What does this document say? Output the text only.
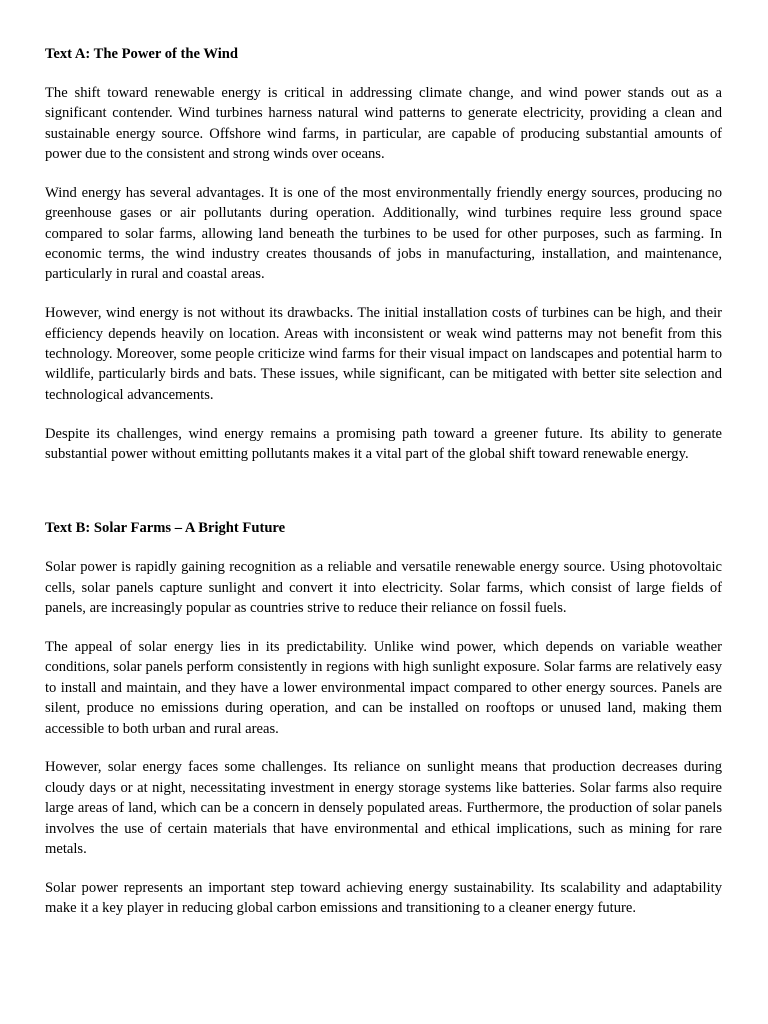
Text A: The Power of the Wind

The shift toward renewable energy is critical in addressing climate change, and wind power stands out as a significant contender. Wind turbines harness natural wind patterns to generate electricity, providing a clean and sustainable energy source. Offshore wind farms, in particular, are capable of producing substantial amounts of power due to the consistent and strong winds over oceans.

Wind energy has several advantages. It is one of the most environmentally friendly energy sources, producing no greenhouse gases or air pollutants during operation. Additionally, wind turbines require less ground space compared to solar farms, allowing land beneath the turbines to be used for other purposes, such as farming. In economic terms, the wind industry creates thousands of jobs in manufacturing, installation, and maintenance, particularly in rural and coastal areas.

However, wind energy is not without its drawbacks. The initial installation costs of turbines can be high, and their efficiency depends heavily on location. Areas with inconsistent or weak wind patterns may not benefit from this technology. Moreover, some people criticize wind farms for their visual impact on landscapes and potential harm to wildlife, particularly birds and bats. These issues, while significant, can be mitigated with better site selection and technological advancements.

Despite its challenges, wind energy remains a promising path toward a greener future. Its ability to generate substantial power without emitting pollutants makes it a vital part of the global shift toward renewable energy.

Text B: Solar Farms – A Bright Future

Solar power is rapidly gaining recognition as a reliable and versatile renewable energy source. Using photovoltaic cells, solar panels capture sunlight and convert it into electricity. Solar farms, which consist of large fields of panels, are increasingly popular as countries strive to reduce their reliance on fossil fuels.

The appeal of solar energy lies in its predictability. Unlike wind power, which depends on variable weather conditions, solar panels perform consistently in regions with high sunlight exposure. Solar farms are relatively easy to install and maintain, and they have a lower environmental impact compared to other energy sources. Panels are silent, produce no emissions during operation, and can be installed on rooftops or unused land, making them accessible to both urban and rural areas.

However, solar energy faces some challenges. Its reliance on sunlight means that production decreases during cloudy days or at night, necessitating investment in energy storage systems like batteries. Solar farms also require large areas of land, which can be a concern in densely populated areas. Furthermore, the production of solar panels involves the use of certain materials that have environmental and ethical implications, such as mining for rare metals.

Solar power represents an important step toward achieving energy sustainability. Its scalability and adaptability make it a key player in reducing global carbon emissions and transitioning to a cleaner energy future.
